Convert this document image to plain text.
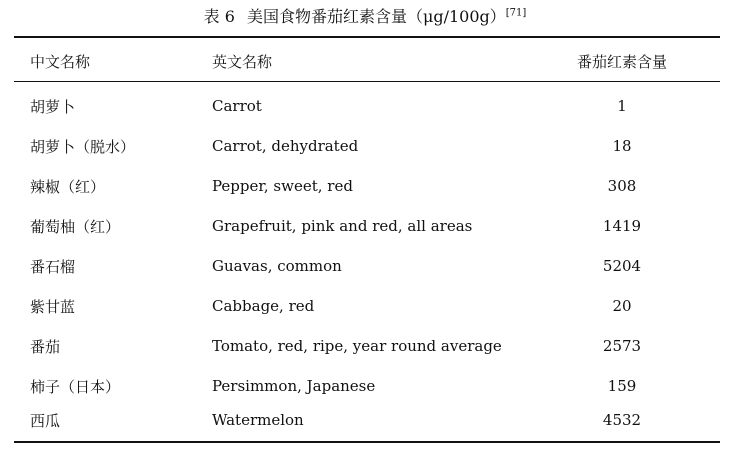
表 6 美国食物番茄红素含量（μg/100g）[71]
中文名称	英文名称	番茄红素含量
胡萝卜	Carrot	1
胡萝卜（脱水）	Carrot, dehydrated	18
辣椒（红）	Pepper, sweet, red	308
葡萄柚（红）	Grapefruit, pink and red, all areas	1419
番石榴	Guavas, common	5204
紫甘蓝	Cabbage, red	20
番茄	Tomato, red, ripe, year round average	2573
柿子（日本）	Persimmon, Japanese	159
西瓜	Watermelon	4532
